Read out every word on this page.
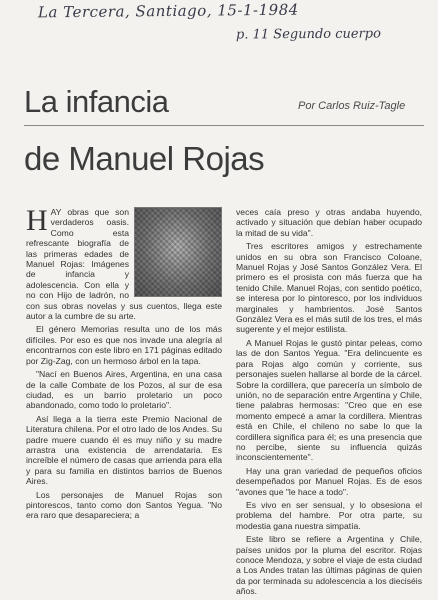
La Tercera, Santiago, 15-1-1984
p. 11 Segundo cuerpo
La infancia	Por Carlos Ruiz-Tagle
de Manuel Rojas

HAY obras que son verdaderos oasis. Como esta refrescante biografía de las primeras edades de Manuel Rojas: Imágenes de infancia y adolescencia. Con ella y no con Hijo de ladrón, no con sus obras novelas y sus cuentos, llega este autor a la cumbre de su arte.

El género Memorias resulta uno de los más difíciles. Por eso es que nos invade una alegría al encontrarnos con este libro en 171 páginas editado por Zig-Zag, con un hermoso árbol en la tapa.

"Nací en Buenos Aires, Argentina, en una casa de la calle Combate de los Pozos, al sur de esa ciudad, es un barrio proletario un poco abandonado, como todo lo proletario".

Así llega a la tierra este Premio Nacional de Literatura chilena. Por el otro lado de los Andes. Su padre muere cuando él es muy niño y su madre arrastra una existencia de arrendataria. Es increíble el número de casas que arrienda para ella y para su familia en distintos barrios de Buenos Aires.

Los personajes de Manuel Rojas son pintorescos, tanto como don Santos Yegua. "No era raro que desapareciera; a

veces caía preso y otras andaba huyendo, activado y situación que debían haber ocupado la mitad de su vida".

Tres escritores amigos y estrechamente unidos en su obra son Francisco Coloane, Manuel Rojas y José Santos González Vera. El primero es el prosista con más fuerza que ha tenido Chile. Manuel Rojas, con sentido poético, se interesa por lo pintoresco, por los individuos marginales y hambrientos. José Santos González Vera es el más sutil de los tres, el más sugerente y el mejor estilista.

A Manuel Rojas le gustó pintar peleas, como las de don Santos Yegua. "Era delincuente es para Rojas algo común y corriente, sus personajes suelen hallarse al borde de la cárcel. Sobre la cordillera, que parecería un símbolo de unión, no de separación entre Argentina y Chile, tiene palabras hermosas: "Creo que en ese momento empecé a amar la cordillera. Mientras está en Chile, el chileno no sabe lo que la cordillera significa para él; es una presencia que no percibe, siente su influencia quizás inconscientemente".

Hay una gran variedad de pequeños oficios desempeñados por Manuel Rojas. Es de esos "avones que "le hace a todo".

Es vivo en ser sensual, y lo obsesiona el problema del hambre. Por otra parte, su modestia gana nuestra simpatía.

Este libro se refiere a Argentina y Chile, países unidos por la pluma del escritor. Rojas conoce Mendoza, y sobre el viaje de esta ciudad a Los Andes tratan las últimas páginas de quien da por terminada su adolescencia a los dieciséis años.
